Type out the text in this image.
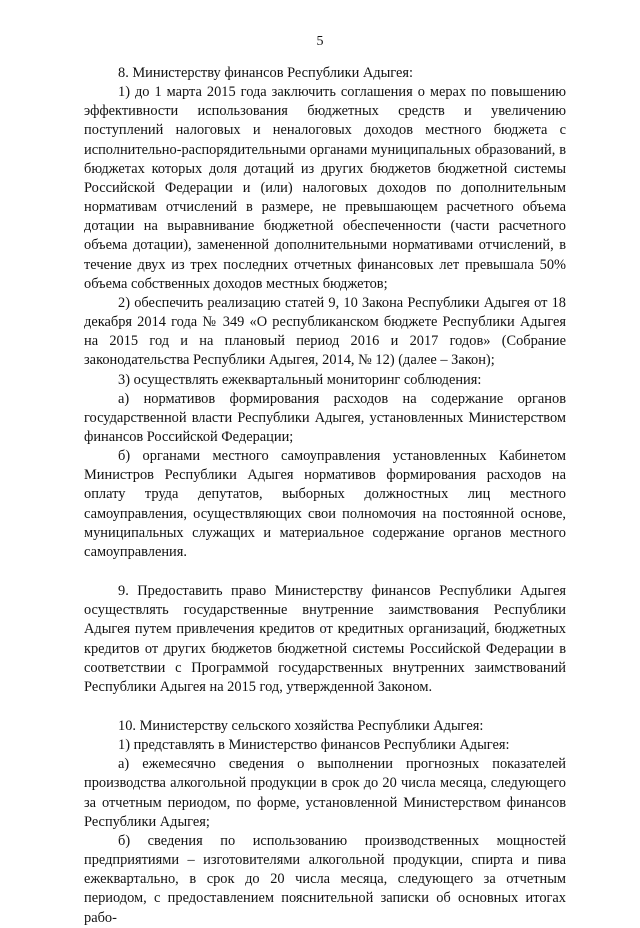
5

8. Министерству финансов Республики Адыгея:

1) до 1 марта 2015 года заключить соглашения о мерах по повышению эффективности использования бюджетных средств и увеличению поступлений налоговых и неналоговых доходов местного бюджета с исполнительно-распорядительными органами муниципальных образований, в бюджетах которых доля дотаций из других бюджетов бюджетной системы Российской Федерации и (или) налоговых доходов по дополнительным нормативам отчислений в размере, не превышающем расчетного объема дотации на выравнивание бюджетной обеспеченности (части расчетного объема дотации), замененной дополнительными нормативами отчислений, в течение двух из трех последних отчетных финансовых лет превышала 50% объема собственных доходов местных бюджетов;

2) обеспечить реализацию статей 9, 10 Закона Республики Адыгея от 18 декабря 2014 года № 349 «О республиканском бюджете Республики Адыгея на 2015 год и на плановый период 2016 и 2017 годов» (Собрание законодательства Республики Адыгея, 2014, № 12) (далее – Закон);

3) осуществлять ежеквартальный мониторинг соблюдения:

а) нормативов формирования расходов на содержание органов государственной власти Республики Адыгея, установленных Министерством финансов Российской Федерации;

б) органами местного самоуправления установленных Кабинетом Министров Республики Адыгея нормативов формирования расходов на оплату труда депутатов, выборных должностных лиц местного самоуправления, осуществляющих свои полномочия на постоянной основе, муниципальных служащих и материальное содержание органов местного самоуправления.

9. Предоставить право Министерству финансов Республики Адыгея осуществлять государственные внутренние заимствования Республики Адыгея путем привлечения кредитов от кредитных организаций, бюджетных кредитов от других бюджетов бюджетной системы Российской Федерации в соответствии с Программой государственных внутренних заимствований Республики Адыгея на 2015 год, утвержденной Законом.

10. Министерству сельского хозяйства Республики Адыгея:

1) представлять в Министерство финансов Республики Адыгея:

а) ежемесячно сведения о выполнении прогнозных показателей производства алкогольной продукции в срок до 20 числа месяца, следующего за отчетным периодом, по форме, установленной Министерством финансов Республики Адыгея;

б) сведения по использованию производственных мощностей предприятиями – изготовителями алкогольной продукции, спирта и пива ежеквартально, в срок до 20 числа месяца, следующего за отчетным периодом, с предоставлением пояснительной записки об основных итогах рабо-
